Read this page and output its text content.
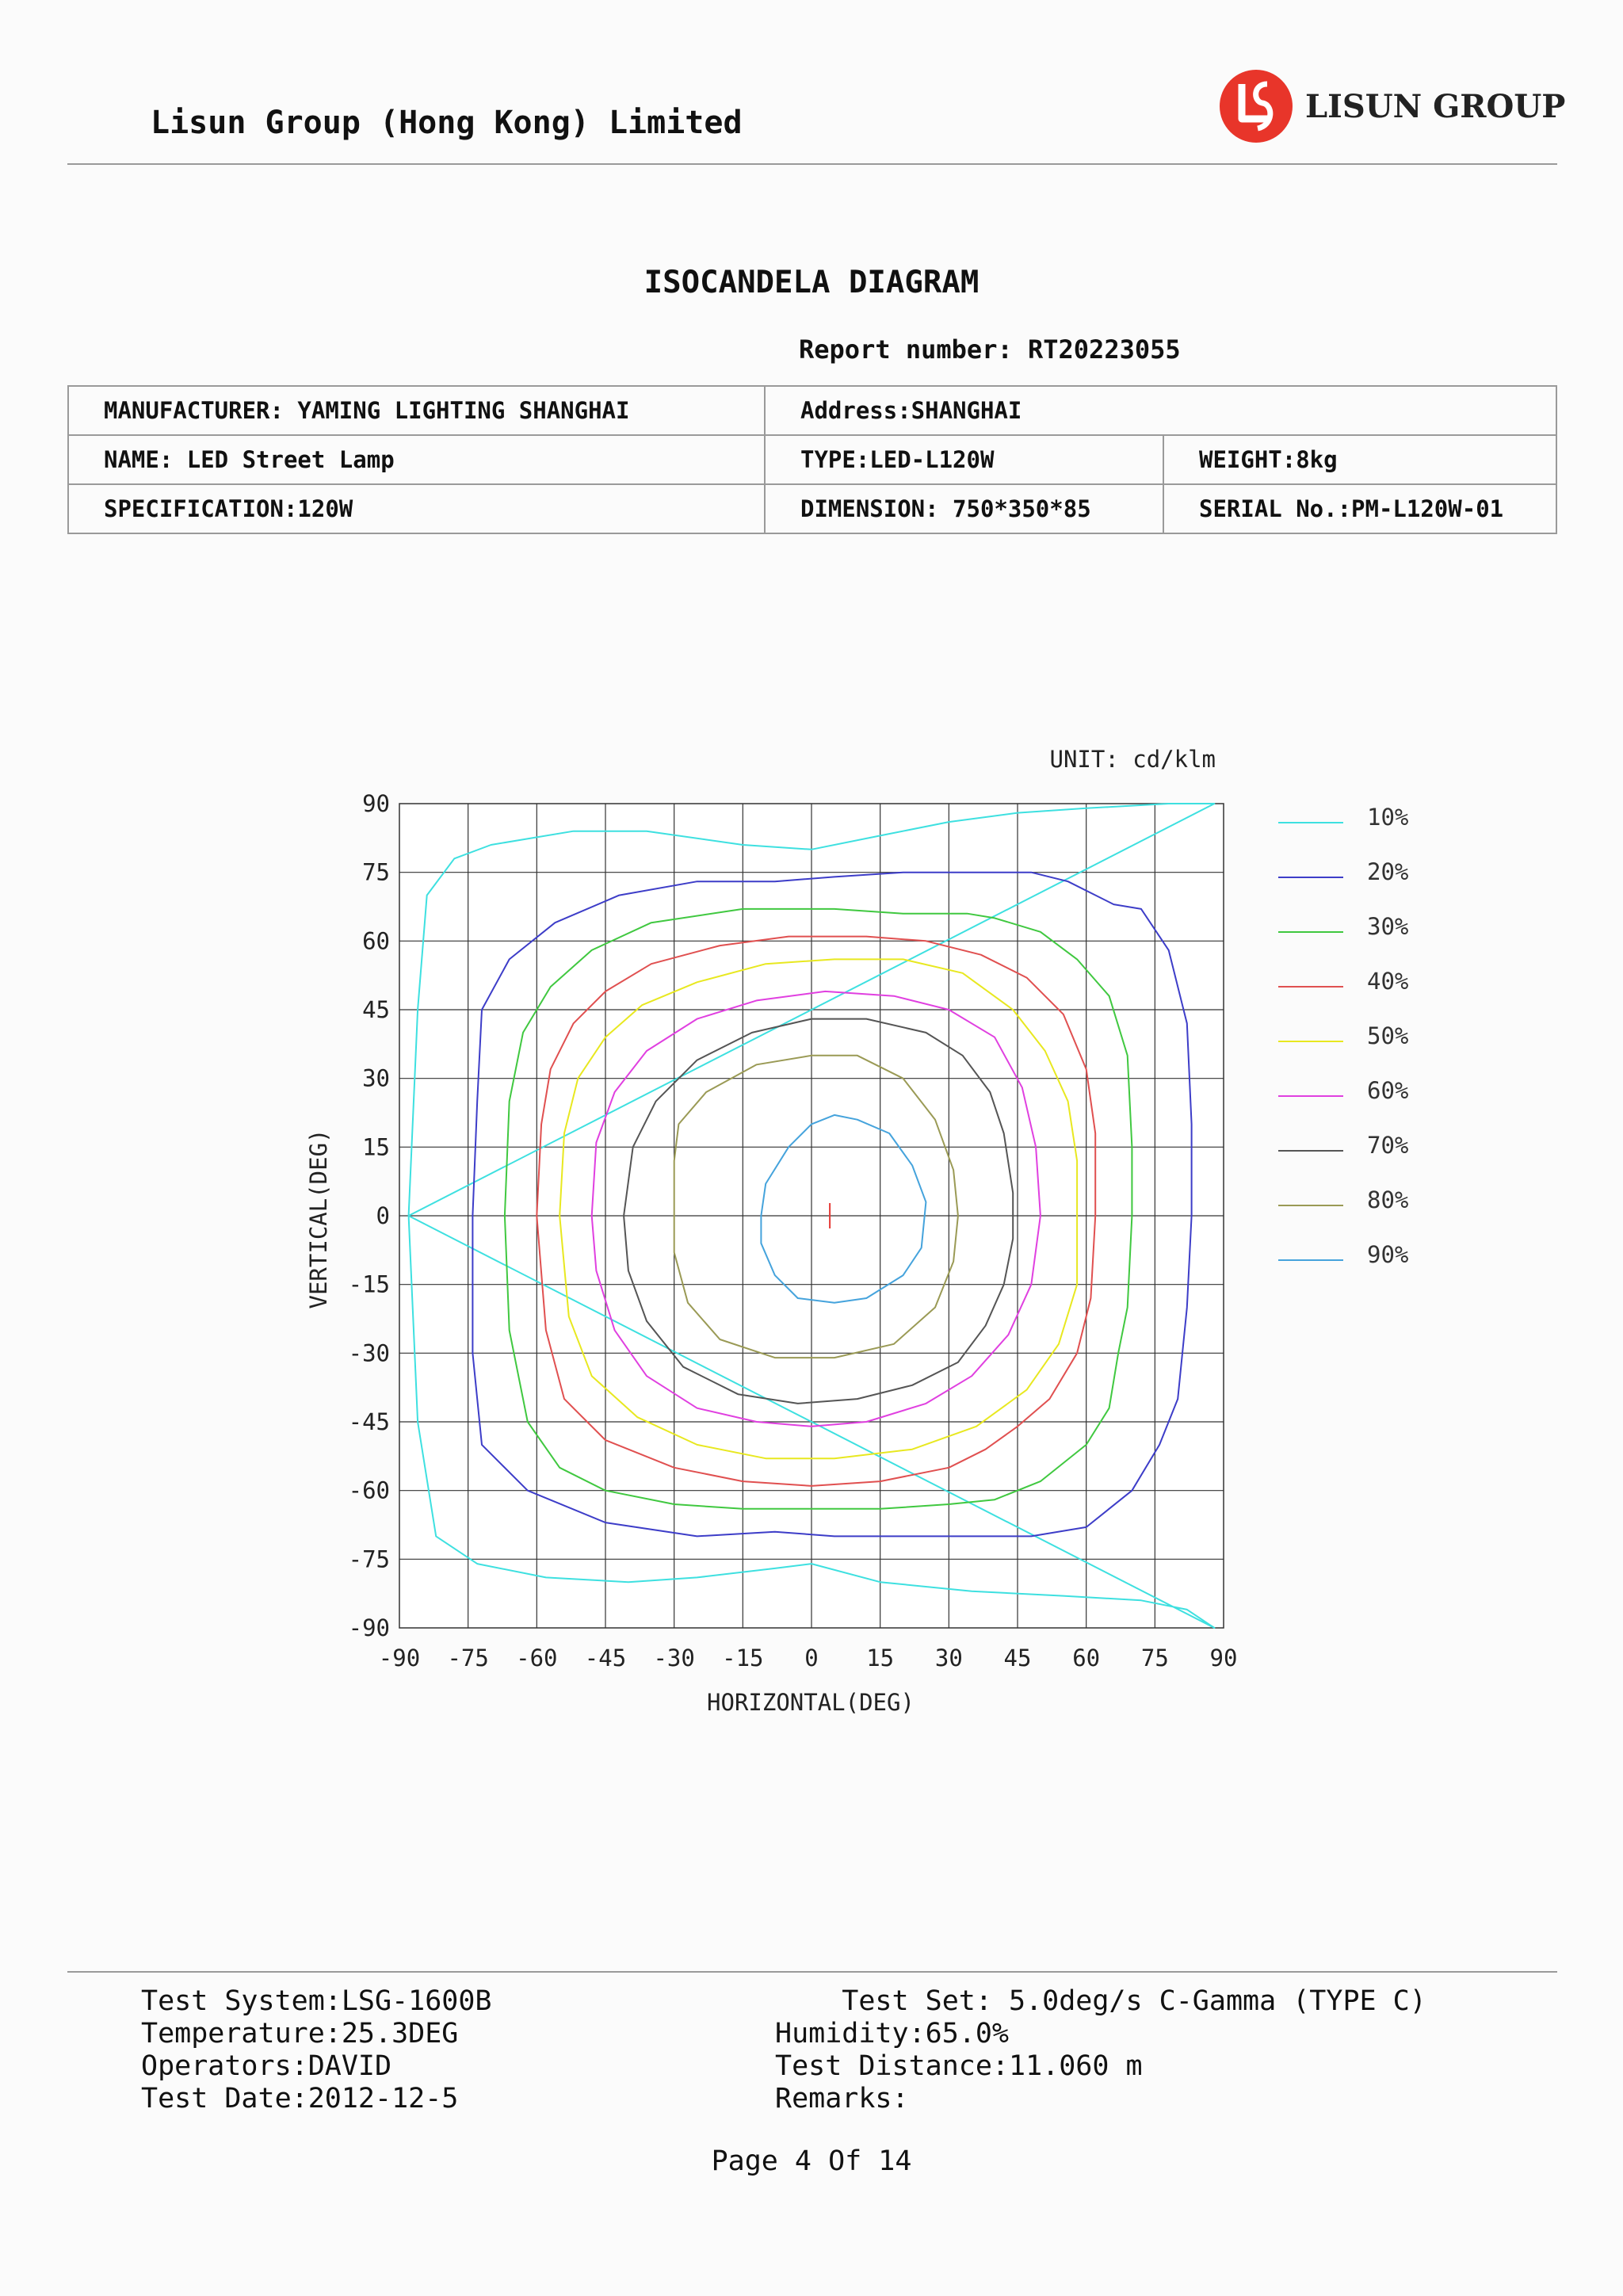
Lisun Group (Hong Kong) Limited	LISUN GROUP
ISOCANDELA DIAGRAM
Report number: RT20223055
MANUFACTURER: YAMING LIGHTING SHANGHAI	Address:SHANGHAI	
NAME: LED Street Lamp	TYPE:LED-L120W	WEIGHT:8kg
SPECIFICATION:120W	DIMENSION: 750*350*85	SERIAL No.:PM-L120W-01
-90 -75 -60 -45 -30 -15 0 15 30 45 60 75 90
90
75
60
45
30
15
0
-15
-30
-45
-60
-75
-90
10%
20%
30%
40%
50%
60%
70%
80%
90%
UNIT: cd/klm
HORIZONTAL(DEG)
VERTICAL(DEG)
Test System:LSG-1600B
Temperature:25.3DEG
Operators:DAVID
Test Date:2012-12-5
Test Set: 5.0deg/s C-Gamma (TYPE C)
Humidity:65.0%
Test Distance:11.060 m
Remarks:
Page 4 Of 14
